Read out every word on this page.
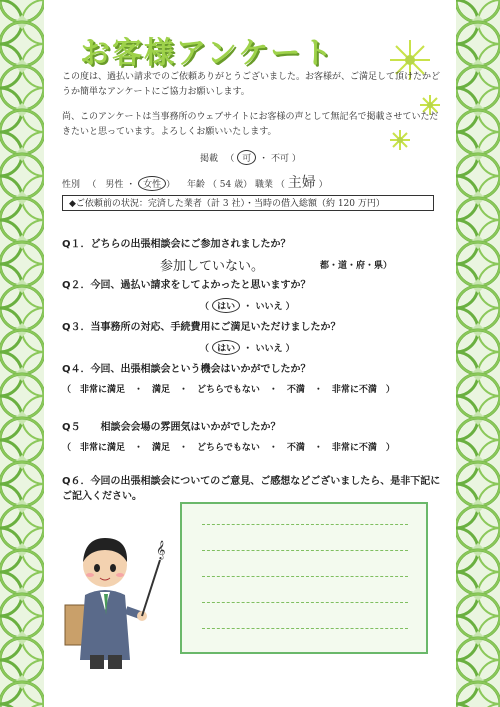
お客様アンケート
この度は、過払い請求でのご依頼ありがとうございました。お客様が、ご満足して頂けたかどうか簡単なアンケートにご協力お願いします。
尚、このアンケートは当事務所のウェブサイトにお客様の声として無記名で掲載させていただきたいと思っています。よろしくお願いいたします。
掲載 　（ 可 ・ 不可 ）
性別 　（　男性 ・ 女性 ） 　年齢 （ 54 歳） 職業 （ 主婦 ）
◆ご依頼前の状況：完済した業者（計 3 社）・当時の借入総額（約 120 万円）
Q１．どちらの出張相談会にご参加されましたか？
参加していない。	都・道・府・県）
Q２．今回、過払い請求をしてよかったと思いますか？
（ はい ・ いいえ ）
Q３．当事務所の対応、手続費用にご満足いただけましたか？
（ はい ・ いいえ ）
Q４．今回、出張相談会という機会はいかがでしたか？
（　非常に満足　・　満足　・　どちらでもない　・　不満　・　非常に不満　）
Q５　　相談会会場の雰囲気はいかがでしたか？
（　非常に満足　・　満足　・　どちらでもない　・　不満　・　非常に不満　）
Q６．今回の出張相談会についてのご意見、ご感想などございましたら、是非下記にご記入ください。
𝄞
